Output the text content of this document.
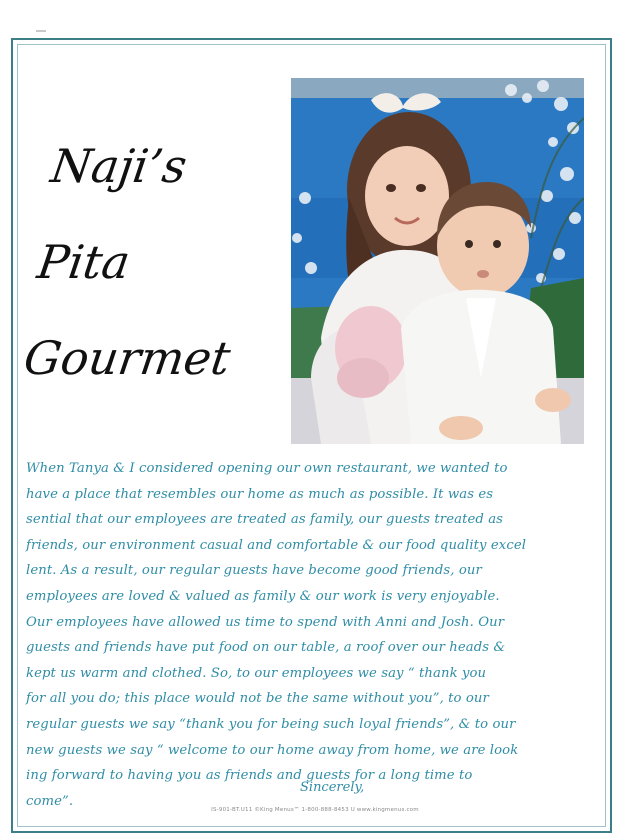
Naji’s
Pita
Gourmet

When Tanya & I considered opening our own restaurant, we wanted to
have a place that resembles our home as much as possible. It was es
sential that our employees are treated as family, our guests treated as
friends, our environment casual and comfortable & our food quality excel
lent. As a result, our regular guests have become good friends, our
employees are loved & valued as family & our work is very enjoyable.
Our employees have allowed us time to spend with Anni and Josh. Our
guests and friends have put food on our table, a roof over our heads &
kept us warm and clothed. So, to our employees we say “ thank you
for all you do; this place would not be the same without you”, to our
regular guests we say “thank you for being such loyal friends”, & to our
new guests we say “ welcome to our home away from home, we are look
ing forward to having you as friends and guests for a long time to
come”.

Sincerely,
IS-901-BT.U11 ©King Menus™ 1-800-888-8453 U www.kingmenus.com
